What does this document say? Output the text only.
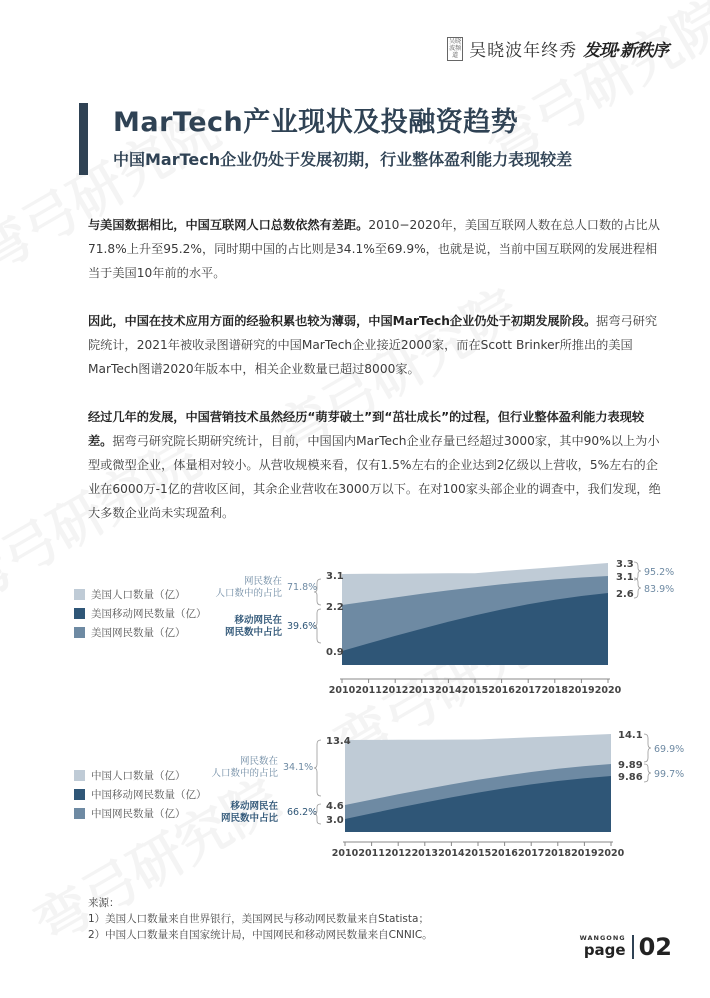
吴晓波频道 吴晓波年终秀 发现·新秩序
MarTech产业现状及投融资趋势
中国MarTech企业仍处于发展初期，行业整体盈利能力表现较差

与美国数据相比，中国互联网人口总数依然有差距。2010−2020年，美国互联网人数在总人口数的占比从71.8%上升至95.2%，同时期中国的占比则是34.1%至69.9%，也就是说，当前中国互联网的发展进程相当于美国10年前的水平。

因此，中国在技术应用方面的经验积累也较为薄弱，中国MarTech企业仍处于初期发展阶段。据弯弓研究院统计，2021年被收录图谱研究的中国MarTech企业接近2000家，而在Scott Brinker所推出的美国MarTech图谱2020年版本中，相关企业数量已超过8000家。

经过几年的发展，中国营销技术虽然经历“萌芽破土”到“茁壮成长”的过程，但行业整体盈利能力表现较差。据弯弓研究院长期研究统计，目前，中国国内MarTech企业存量已经超过3000家，其中90%以上为小型或微型企业，体量相对较小。从营收规模来看，仅有1.5%左右的企业达到2亿级以上营收，5%左右的企业在6000万-1亿的营收区间，其余企业营收在3000万以下。在对100家头部企业的调查中，我们发现，绝大多数企业尚未实现盈利。

美国人口数量（亿）
美国移动网民数量（亿）
美国网民数量（亿）
网民数在
人口数中的占比
71.8%
移动网民在
网民数中占比
39.6%
3.1
2.2
0.9
3.3
3.1
2.6
95.2%
83.9%
2010 2011 2012 2013 2014 2015 2016 2017 2018 2019 2020
中国人口数量（亿）
中国移动网民数量（亿）
中国网民数量（亿）
网民数在
人口数中的占比
34.1%
移动网民在
网民数中占比
66.2%
13.4
4.6
3.0
14.1
9.89
9.86
69.9%
99.7%
2010 2011 2012 2013 2014 2015 2016 2017 2018 2019 2020

来源：

1）美国人口数量来自世界银行，美国网民与移动网民数量来自Statista；

2）中国人口数量来自国家统计局，中国网民和移动网民数量来自CNNIC。	WANGONG
page 02
